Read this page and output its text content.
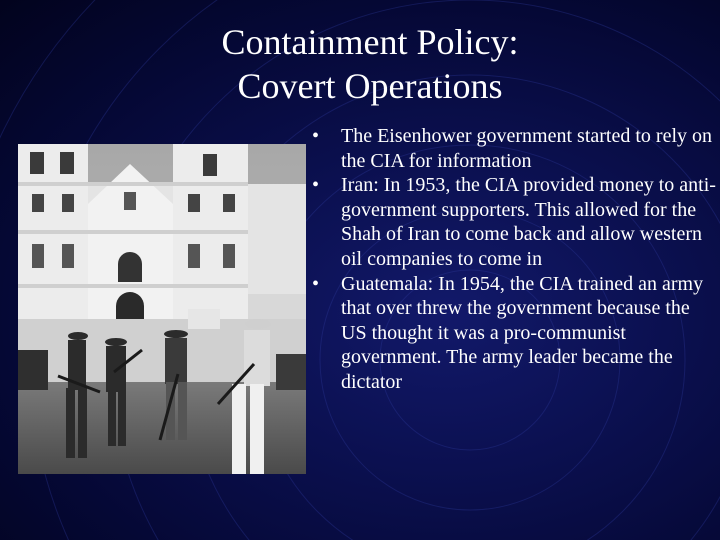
Containment Policy:
Covert Operations
• The Eisenhower government started to rely on the CIA for information
• Iran: In 1953, the CIA provided money to anti-government supporters. This allowed for the Shah of Iran to come back and allow western oil companies to come in
• Guatemala: In 1954, the CIA trained an army that over threw the government because the US thought it was a pro-communist government. The army leader became the dictator
